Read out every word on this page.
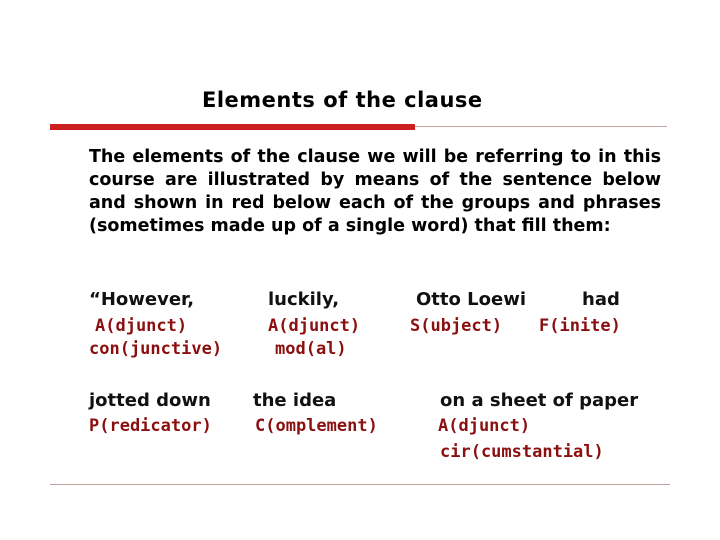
Elements of the clause
The elements of the clause we will be referring to in this course are illustrated by means of the sentence below and shown in red below each of the groups and phrases (sometimes made up of a single word) that fill them:
“However,
A(djunct)
con(junctive)
luckily,
A(djunct)
mod(al)
Otto Loewi
S(ubject)
had
F(inite)
jotted down
P(redicator)
the idea
C(omplement)
on a sheet of paper
A(djunct)
cir(cumstantial)
